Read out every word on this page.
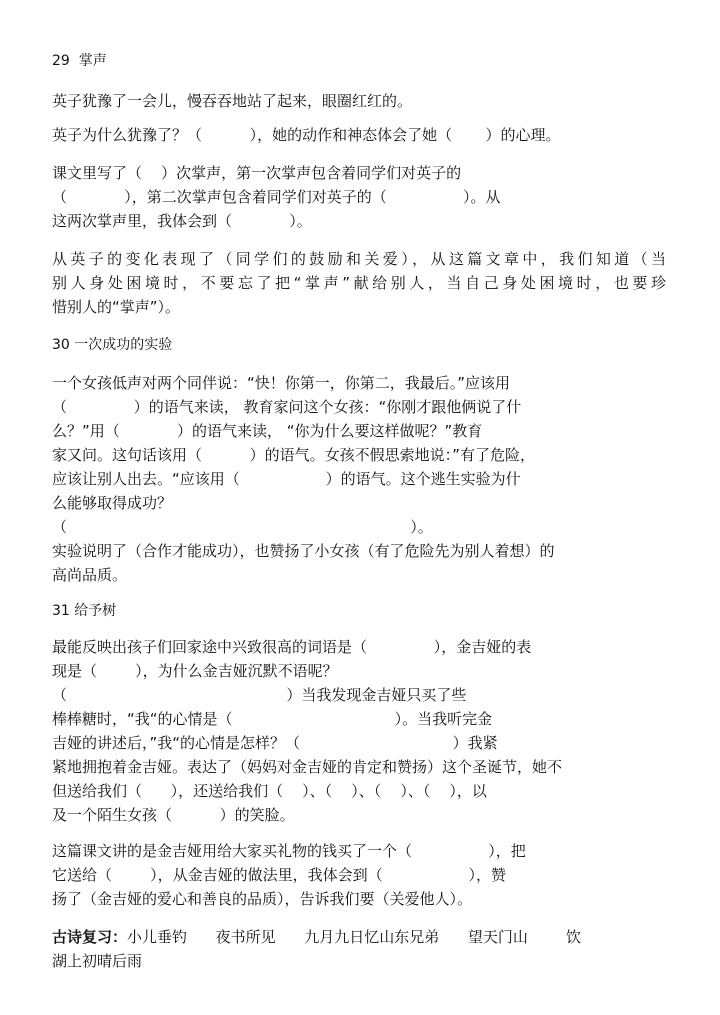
29  掌声
英子犹豫了一会儿，慢吞吞地站了起来，眼圈红红的。
英子为什么犹豫了？（          ），她的动作和神态体会了她（       ）的心理。
课文里写了（    ）次掌声，第一次掌声包含着同学们对英子的
（            ），第二次掌声包含着同学们对英子的（                ）。从
这两次掌声里，我体会到（            ）。
从英子的变化表现了（同学们的鼓励和关爱），从这篇文章中，我们知道（当
别人身处困境时，不要忘了把“掌声”献给别人，当自己身处困境时，也要珍
惜别人的“掌声”）。
30 一次成功的实验
一个女孩低声对两个同伴说：“快！你第一，你第二，我最后。”应该用
（              ）的语气来读， 教育家问这个女孩：“你刚才跟他俩说了什
么？”用（            ）的语气来读， “你为什么要这样做呢？”教育
家又问。这句话该用（          ）的语气。女孩不假思索地说：”有了危险，
应该让别人出去。“应该用（                  ）的语气。这个逃生实验为什
么能够取得成功？
（                                                                        ）。
实验说明了（合作才能成功），也赞扬了小女孩（有了危险先为别人着想）的
高尚品质。
31 给予树
最能反映出孩子们回家途中兴致很高的词语是（              ），金吉娅的表
现是（        ），为什么金吉娅沉默不语呢？
（                                              ）当我发现金吉娅只买了些
棒棒糖时，“我“的心情是（                                  ）。当我听完金
吉娅的讲述后，”我“的心情是怎样？（                                ）我紧
紧地拥抱着金吉娅。表达了（妈妈对金吉娅的肯定和赞扬）这个圣诞节，她不
但送给我们（      ），还送给我们（    ）、（    ）、（    ）、（    ），以
及一个陌生女孩（          ）的笑脸。
这篇课文讲的是金吉娅用给大家买礼物的钱买了一个（                ），把
它送给（        ），从金吉娅的做法里，我体会到（                  ），赞
扬了（金吉娅的爱心和善良的品质），告诉我们要（关爱他人）。
古诗复习：小儿垂钓      夜书所见      九月九日忆山东兄弟      望天门山        饮
湖上初晴后雨
